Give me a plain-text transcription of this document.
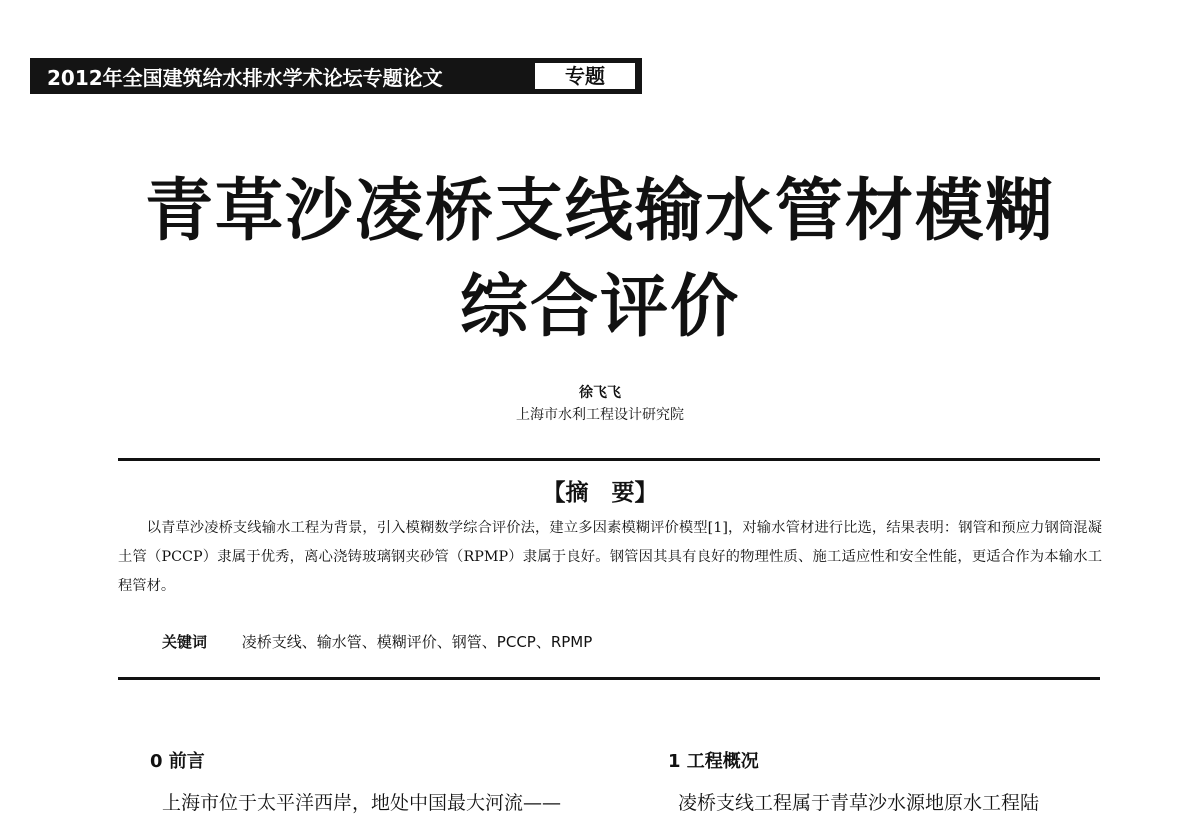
2012年全国建筑给水排水学术论坛专题论文	专题
青草沙凌桥支线输水管材模糊
综合评价
徐飞飞
上海市水利工程设计研究院
【摘　要】
以青草沙凌桥支线输水工程为背景，引入模糊数学综合评价法，建立多因素模糊评价模型[1]，对输水管材进行比选，结果表明：钢管和预应力钢筒混凝土管（PCCP）隶属于优秀，离心浇铸玻璃钢夹砂管（RPMP）隶属于良好。钢管因其具有良好的物理性质、施工适应性和安全性能，更适合作为本输水工程管材。
关键词 凌桥支线、输水管、模糊评价、钢管、PCCP、RPMP
0 前言	1 工程概况
上海市位于太平洋西岸，地处中国最大河流——	凌桥支线工程属于青草沙水源地原水工程陆
